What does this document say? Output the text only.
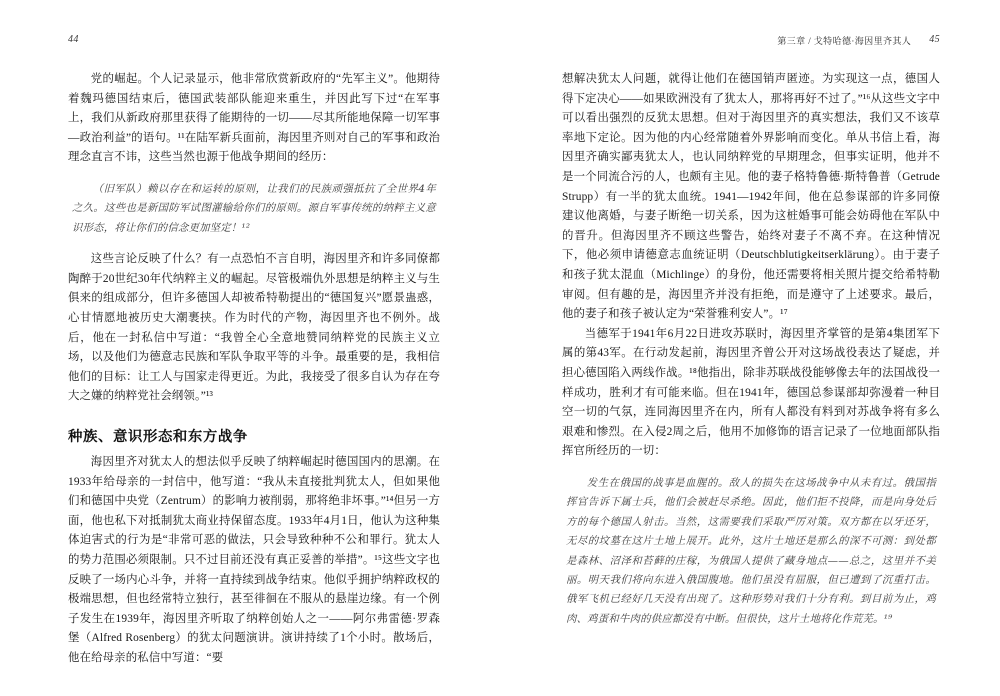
44

党的崛起。个人记录显示，他非常欣赏新政府的“先军主义”。他期待着魏玛德国结束后，德国武装部队能迎来重生，并因此写下过“在军事上，我们从新政府那里获得了能期待的一切——尽其所能地保障一切军事—政治利益”的语句。¹¹在陆军新兵面前，海因里齐则对自己的军事和政治理念直言不讳，这些当然也源于他战争期间的经历：

（旧军队）赖以存在和运转的原则，让我们的民族顽强抵抗了全世界4年之久。这些也是新国防军试图灌输给你们的原则。源自军事传统的纳粹主义意识形态，将让你们的信念更加坚定！¹²

这些言论反映了什么？有一点恐怕不言自明，海因里齐和许多同僚都陶醉于20世纪30年代纳粹主义的崛起。尽管极端仇外思想是纳粹主义与生俱来的组成部分，但许多德国人却被希特勒提出的“德国复兴”愿景蛊惑，心甘情愿地被历史大潮裹挟。作为时代的产物，海因里齐也不例外。战后，他在一封私信中写道：“我曾全心全意地赞同纳粹党的民族主义立场，以及他们为德意志民族和军队争取平等的斗争。最重要的是，我相信他们的目标：让工人与国家走得更近。为此，我接受了很多自认为存在夸大之嫌的纳粹党社会纲领。”¹³

种族、意识形态和东方战争

海因里齐对犹太人的想法似乎反映了纳粹崛起时德国国内的思潮。在1933年给母亲的一封信中，他写道：“我从未直接批判犹太人，但如果他们和德国中央党（Zentrum）的影响力被削弱，那将绝非坏事。”¹⁴但另一方面，他也私下对抵制犹太商业持保留态度。1933年4月1日，他认为这种集体迫害式的行为是“非常可恶的做法，只会导致种种不公和罪行。犹太人的势力范围必须限制。只不过目前还没有真正妥善的举措”。¹⁵这些文字也反映了一场内心斗争，并将一直持续到战争结束。他似乎拥护纳粹政权的极端思想，但也经常特立独行，甚至徘徊在不服从的悬崖边缘。有一个例子发生在1939年，海因里齐听取了纳粹创始人之一——阿尔弗雷德·罗森堡（Alfred Rosenberg）的犹太问题演讲。演讲持续了1个小时。散场后，他在给母亲的私信中写道：“要

第三章 / 戈特哈德·海因里齐其人 45

想解决犹太人问题，就得让他们在德国销声匿迹。为实现这一点，德国人得下定决心——如果欧洲没有了犹太人，那将再好不过了。”¹⁶从这些文字中可以看出强烈的反犹太思想。但对于海因里齐的真实想法，我们又不该草率地下定论。因为他的内心经常随着外界影响而变化。单从书信上看，海因里齐确实鄙夷犹太人，也认同纳粹党的早期理念，但事实证明，他并不是一个同流合污的人，也颇有主见。他的妻子格特鲁德·斯特鲁普（Getrude Strupp）有一半的犹太血统。1941—1942年间，他在总参谋部的许多同僚建议他离婚，与妻子断绝一切关系，因为这桩婚事可能会妨碍他在军队中的晋升。但海因里齐不顾这些警告，始终对妻子不离不弃。在这种情况下，他必须申请德意志血统证明（Deutschblutigkeitserklärung）。由于妻子和孩子犹太混血（Michlinge）的身份，他还需要将相关照片提交给希特勒审阅。但有趣的是，海因里齐并没有拒绝，而是遵守了上述要求。最后，他的妻子和孩子被认定为“荣誉雅利安人”。¹⁷

当德军于1941年6月22日进攻苏联时，海因里齐掌管的是第4集团军下属的第43军。在行动发起前，海因里齐曾公开对这场战役表达了疑虑，并担心德国陷入两线作战。¹⁸他指出，除非苏联战役能够像去年的法国战役一样成功，胜利才有可能来临。但在1941年，德国总参谋部却弥漫着一种目空一切的气氛，连同海因里齐在内，所有人都没有料到对苏战争将有多么艰难和惨烈。在入侵2周之后，他用不加修饰的语言记录了一位地面部队指挥官所经历的一切：

发生在俄国的战事是血腥的。敌人的损失在这场战争中从未有过。俄国指挥官告诉下属士兵，他们会被赶尽杀绝。因此，他们拒不投降，而是向身处后方的每个德国人射击。当然，这需要我们采取严厉对策。双方都在以牙还牙，无尽的坟墓在这片土地上展开。此外，这片土地还是那么的深不可测：到处都是森林、沼泽和苔藓的庄稼，为俄国人提供了藏身地点——总之，这里并不美丽。明天我们将向东进入俄国腹地。他们虽没有屈服，但已遭到了沉重打击。俄军飞机已经好几天没有出现了。这种形势对我们十分有利。到目前为止，鸡肉、鸡蛋和牛肉的供应都没有中断。但很快，这片土地将化作荒芜。¹⁹
